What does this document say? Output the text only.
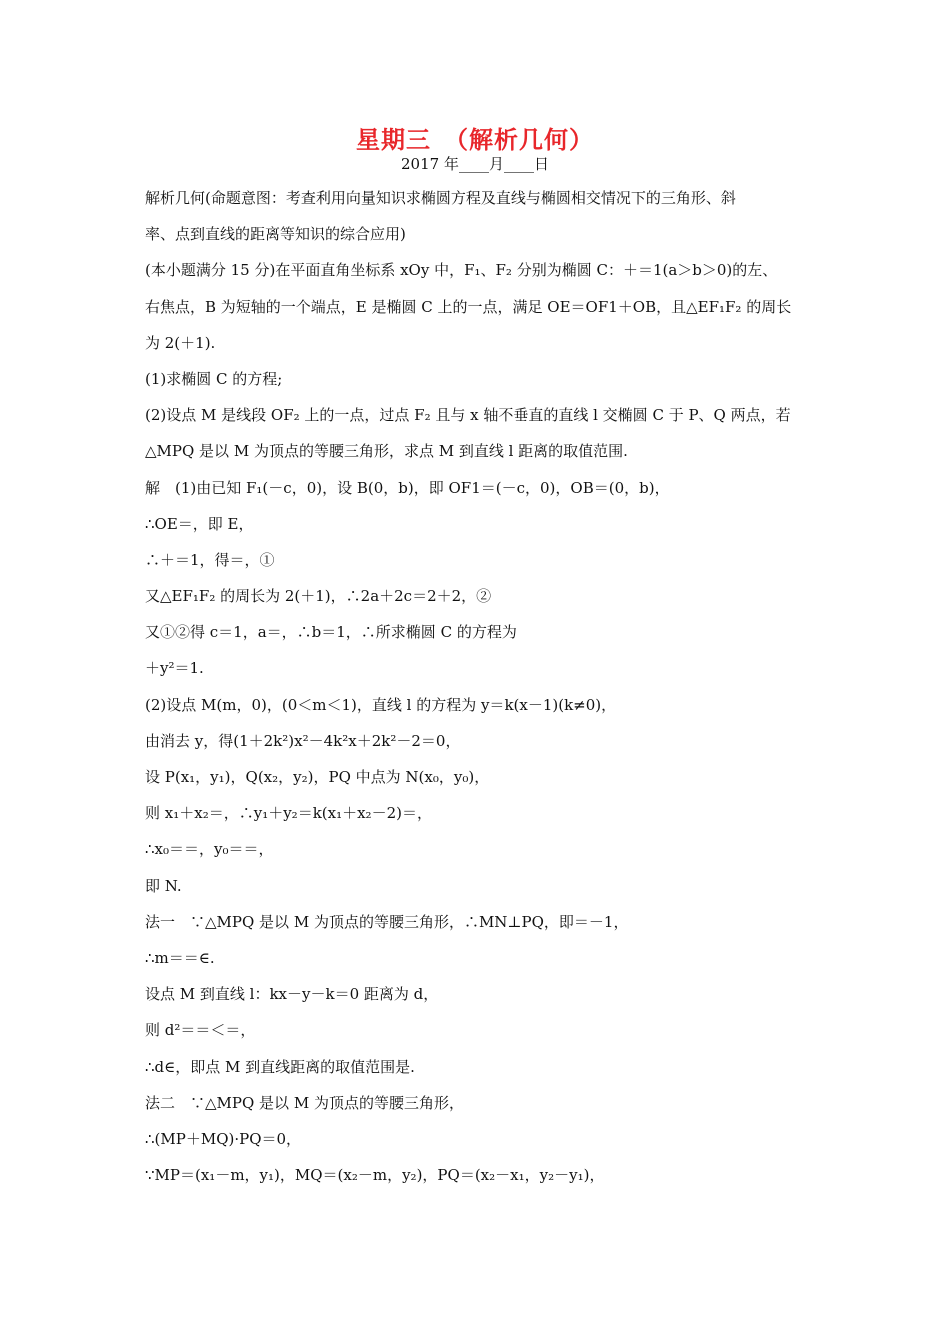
星期三　（解析几何）
2017 年____月____日
解析几何(命题意图：考查利用向量知识求椭圆方程及直线与椭圆相交情况下的三角形、斜
率、点到直线的距离等知识的综合应用)
(本小题满分 15 分)在平面直角坐标系 xOy 中，F₁、F₂ 分别为椭圆 C：＋＝1(a＞b＞0)的左、
右焦点，B 为短轴的一个端点，E 是椭圆 C 上的一点，满足 OE＝OF1＋OB，且△EF₁F₂ 的周长
为 2(＋1).
(1)求椭圆 C 的方程;
(2)设点 M 是线段 OF₂ 上的一点，过点 F₂ 且与 x 轴不垂直的直线 l 交椭圆 C 于 P、Q 两点，若
△MPQ 是以 M 为顶点的等腰三角形，求点 M 到直线 l 距离的取值范围.
解　(1)由已知 F₁(－c，0)，设 B(0，b)，即 OF1＝(－c，0)，OB＝(0，b)，
∴OE＝，即 E，
∴＋＝1，得＝，①
又△EF₁F₂ 的周长为 2(＋1)，∴2a＋2c＝2＋2，②
又①②得 c＝1，a＝，∴b＝1，∴所求椭圆 C 的方程为
＋y²＝1.
(2)设点 M(m，0)，(0＜m＜1)，直线 l 的方程为 y＝k(x－1)(k≠0)，
由消去 y，得(1＋2k²)x²－4k²x＋2k²－2＝0，
设 P(x₁，y₁)，Q(x₂，y₂)，PQ 中点为 N(x₀，y₀)，
则 x₁＋x₂＝，∴y₁＋y₂＝k(x₁＋x₂－2)＝，
∴x₀＝＝，y₀＝＝，
即 N.
法一　∵△MPQ 是以 M 为顶点的等腰三角形，∴MN⊥PQ，即＝－1，
∴m＝＝∈.
设点 M 到直线 l：kx－y－k＝0 距离为 d，
则 d²＝＝＜＝，
∴d∈，即点 M 到直线距离的取值范围是.
法二　∵△MPQ 是以 M 为顶点的等腰三角形，
∴(MP＋MQ)·PQ＝0，
∵MP＝(x₁－m，y₁)，MQ＝(x₂－m，y₂)，PQ＝(x₂－x₁，y₂－y₁)，
